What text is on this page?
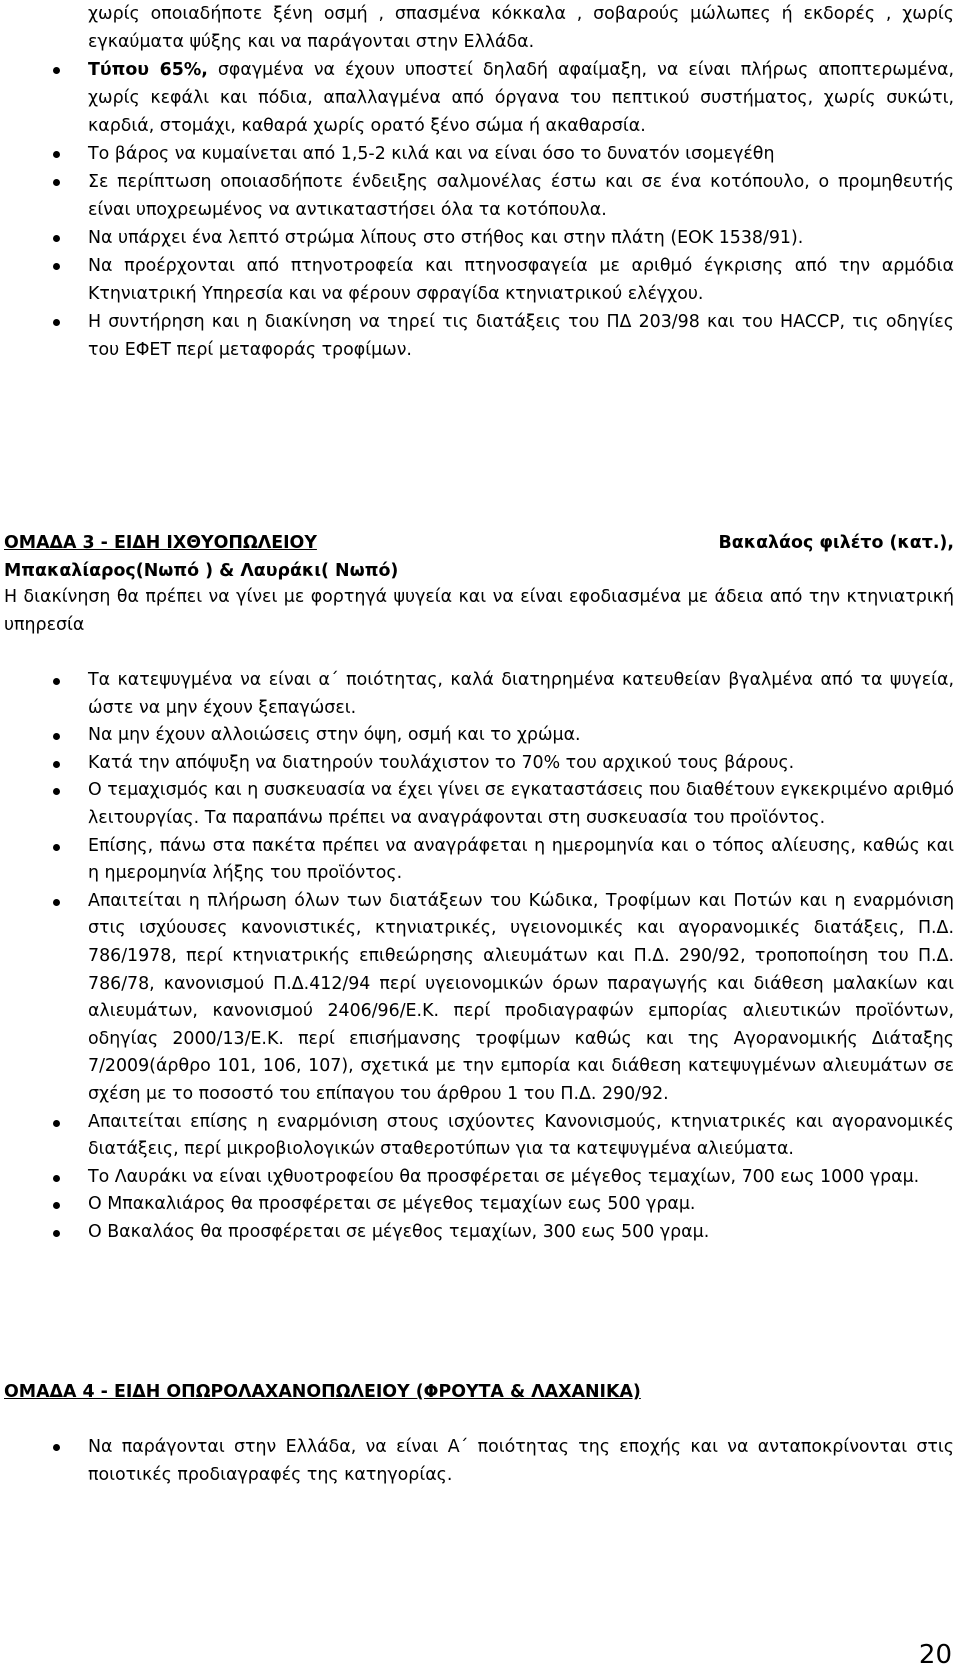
χωρίς οποιαδήποτε ξένη οσμή , σπασμένα κόκκαλα , σοβαρούς μώλωπες ή εκδορές , χωρίς εγκαύματα ψύξης και να παράγονται στην Ελλάδα.
Τύπου 65%, σφαγμένα να έχουν υποστεί δηλαδή αφαίμαξη, να είναι πλήρως αποπτερωμένα, χωρίς κεφάλι και πόδια, απαλλαγμένα από όργανα του πεπτικού συστήματος, χωρίς συκώτι, καρδιά, στομάχι, καθαρά χωρίς ορατό ξένο σώμα ή ακαθαρσία.
Το βάρος να κυμαίνεται από 1,5-2 κιλά και να είναι όσο το δυνατόν ισομεγέθη
Σε περίπτωση οποιασδήποτε ένδειξης σαλμονέλας έστω και σε ένα κοτόπουλο, ο προμηθευτής είναι υποχρεωμένος να αντικαταστήσει όλα τα κοτόπουλα.
Να υπάρχει ένα λεπτό στρώμα λίπους στο στήθος και στην πλάτη (ΕΟΚ 1538/91).
Να προέρχονται από πτηνοτροφεία και πτηνοσφαγεία με αριθμό έγκρισης από την αρμόδια Κτηνιατρική Υπηρεσία και να φέρουν σφραγίδα κτηνιατρικού ελέγχου.
Η συντήρηση και η διακίνηση να τηρεί τις διατάξεις του ΠΔ 203/98 και του HACCP, τις οδηγίες του ΕΦΕΤ περί μεταφοράς τροφίμων.
ΟΜΑΔΑ 3 - ΕΙΔΗ ΙΧΘΥΟΠΩΛΕΙΟΥ	Βακαλάος φιλέτο (κατ.),
Μπακαλίαρος(Νωπό ) & Λαυράκι( Νωπό)
Η διακίνηση θα πρέπει να γίνει με φορτηγά ψυγεία και να είναι εφοδιασμένα με άδεια από την κτηνιατρική υπηρεσία
Τα κατεψυγμένα να είναι α΄ ποιότητας, καλά διατηρημένα κατευθείαν βγαλμένα από τα ψυγεία, ώστε να μην έχουν ξεπαγώσει.
Να μην έχουν αλλοιώσεις στην όψη, οσμή και το χρώμα.
Κατά την απόψυξη να διατηρούν τουλάχιστον το 70% του αρχικού τους βάρους.
Ο τεμαχισμός και η συσκευασία να έχει γίνει σε εγκαταστάσεις που διαθέτουν εγκεκριμένο αριθμό λειτουργίας. Τα παραπάνω πρέπει να αναγράφονται στη συσκευασία του προϊόντος.
Επίσης, πάνω στα πακέτα πρέπει να αναγράφεται η ημερομηνία και ο τόπος αλίευσης, καθώς και η ημερομηνία λήξης του προϊόντος.
Απαιτείται η πλήρωση όλων των διατάξεων του Κώδικα, Τροφίμων και Ποτών και η εναρμόνιση στις ισχύουσες κανονιστικές, κτηνιατρικές, υγειονομικές και αγορανομικές διατάξεις, Π.Δ. 786/1978, περί κτηνιατρικής επιθεώρησης αλιευμάτων και Π.Δ. 290/92, τροποποίηση του Π.Δ. 786/78, κανονισμού Π.Δ.412/94 περί υγειονομικών όρων παραγωγής και διάθεση μαλακίων και αλιευμάτων, κανονισμού 2406/96/Ε.Κ. περί προδιαγραφών εμπορίας αλιευτικών προϊόντων, οδηγίας 2000/13/Ε.Κ. περί επισήμανσης τροφίμων καθώς και της Αγορανομικής Διάταξης 7/2009(άρθρο 101, 106, 107), σχετικά με την εμπορία και διάθεση κατεψυγμένων αλιευμάτων σε σχέση με το ποσοστό του επίπαγου του άρθρου 1 του Π.Δ. 290/92.
Απαιτείται επίσης η εναρμόνιση στους ισχύοντες Κανονισμούς, κτηνιατρικές και αγορανομικές διατάξεις, περί μικροβιολογικών σταθεροτύπων για τα κατεψυγμένα αλιεύματα.
Το Λαυράκι να είναι ιχθυοτροφείου θα προσφέρεται σε μέγεθος τεμαχίων, 700 εως 1000 γραμ.
Ο Μπακαλιάρος θα προσφέρεται σε μέγεθος τεμαχίων εως 500 γραμ.
Ο Βακαλάος θα προσφέρεται σε μέγεθος τεμαχίων, 300 εως 500 γραμ.
ΟΜΑΔΑ 4 - ΕΙΔΗ ΟΠΩΡΟΛΑΧΑΝΟΠΩΛΕΙΟΥ (ΦΡΟΥΤΑ & ΛΑΧΑΝΙΚΑ)
Να παράγονται στην Ελλάδα, να είναι Α΄ ποιότητας της εποχής και να ανταποκρίνονται στις ποιοτικές προδιαγραφές της κατηγορίας.
20
